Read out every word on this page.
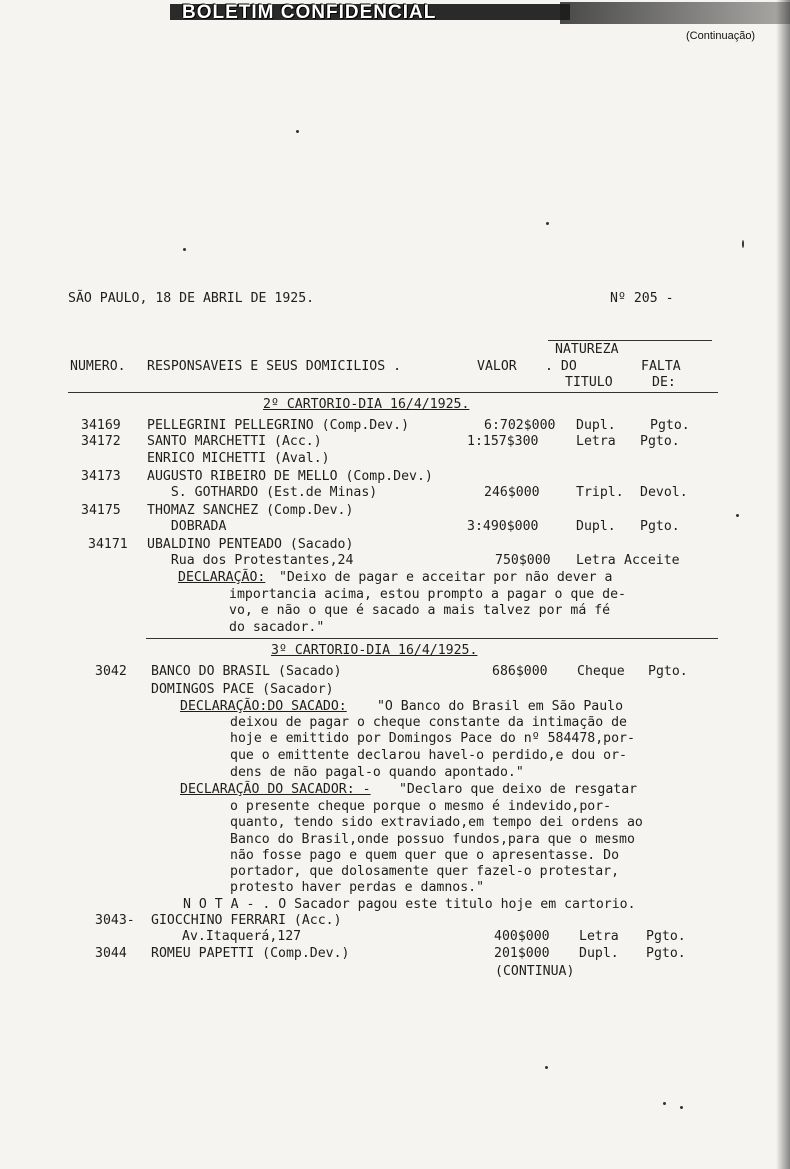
BOLETIM CONFIDENCIAL
(Continuação)
SÃO PAULO, 18 DE ABRIL DE 1925.	Nº 205 -
NATUREZA
NUMERO. RESPONSAVEIS E SEUS DOMICILIOS .	VALOR . DO	FALTA
TITULO	DE:
2º CARTORIO-DIA 16/4/1925.
34169 PELLEGRINI PELLEGRINO (Comp.Dev.)	6:702$000 Dupl.	Pgto.
34172 SANTO MARCHETTI (Acc.)	1:157$300	Letra Pgto.
ENRICO MICHETTI (Aval.)
34173 AUGUSTO RIBEIRO DE MELLO (Comp.Dev.)
S. GOTHARDO (Est.de Minas)	246$000	Tripl. Devol.
34175 THOMAZ SANCHEZ (Comp.Dev.)
DOBRADA	3:490$000	Dupl. Pgto.
34171 UBALDINO PENTEADO (Sacado)
Rua dos Protestantes,24	750$000 Letra Acceite
DECLARAÇÃO: "Deixo de pagar e acceitar por não dever a
importancia acima, estou prompto a pagar o que de-
vo, e não o que é sacado a mais talvez por má fé
do sacador."
3º CARTORIO-DIA 16/4/1925.
3042 BANCO DO BRASIL (Sacado)	686$000 Cheque Pgto.
DOMINGOS PACE (Sacador)
DECLARAÇÃO:DO SACADO: "O Banco do Brasil em São Paulo
deixou de pagar o cheque constante da intimação de
hoje e emittido por Domingos Pace do nº 584478,por-
que o emittente declarou havel-o perdido,e dou or-
dens de não pagal-o quando apontado."
DECLARAÇÃO DO SACADOR: - "Declaro que deixo de resgatar
o presente cheque porque o mesmo é indevido,por-
quanto, tendo sido extraviado,em tempo dei ordens ao
Banco do Brasil,onde possuo fundos,para que o mesmo
não fosse pago e quem quer que o apresentasse. Do
portador, que dolosamente quer fazel-o protestar,
protesto haver perdas e damnos."
N O T A - . O Sacador pagou este titulo hoje em cartorio.
3043- GIOCCHINO FERRARI (Acc.)
Av.Itaquerá,127	400$000 Letra Pgto.
3044 ROMEU PAPETTI (Comp.Dev.)	201$000 Dupl. Pgto.
(CONTINUA)
